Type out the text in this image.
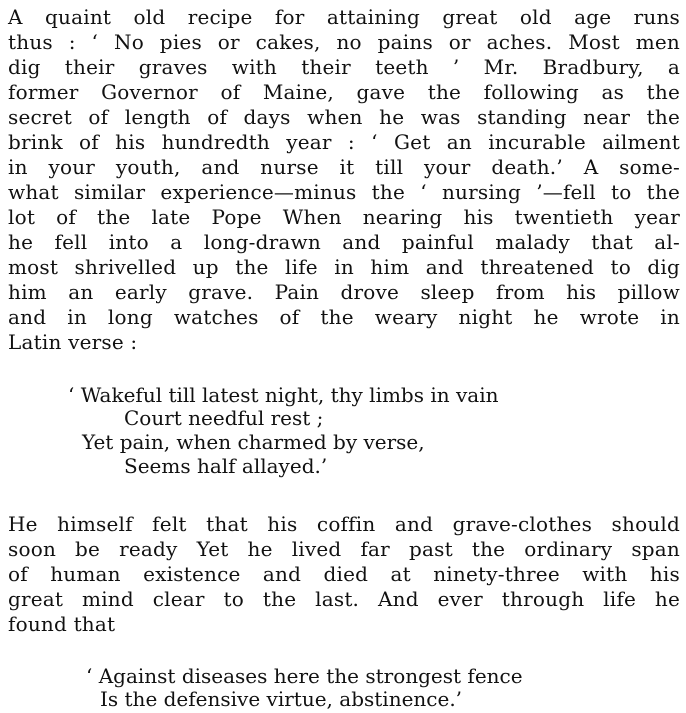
A quaint old recipe for attaining great old age runs
thus : ‘ No pies or cakes, no pains or aches. Most men
dig their graves with their teeth ’ Mr. Bradbury, a
former Governor of Maine, gave the following as the
secret of length of days when he was standing near the
brink of his hundredth year : ‘ Get an incurable ailment
in your youth, and nurse it till your death.’ A some-
what similar experience—minus the ‘ nursing ’—fell to the
lot of the late Pope When nearing his twentieth year
he fell into a long-drawn and painful malady that al-
most shrivelled up the life in him and threatened to dig
him an early grave. Pain drove sleep from his pillow
and in long watches of the weary night he wrote in
Latin verse :
‘ Wakeful till latest night, thy limbs in vain
Court needful rest ;
Yet pain, when charmed by verse,
Seems half allayed.’
He himself felt that his coffin and grave-clothes should
soon be ready Yet he lived far past the ordinary span
of human existence and died at ninety-three with his
great mind clear to the last. And ever through life he
found that
‘ Against diseases here the strongest fence
Is the defensive virtue, abstinence.’
